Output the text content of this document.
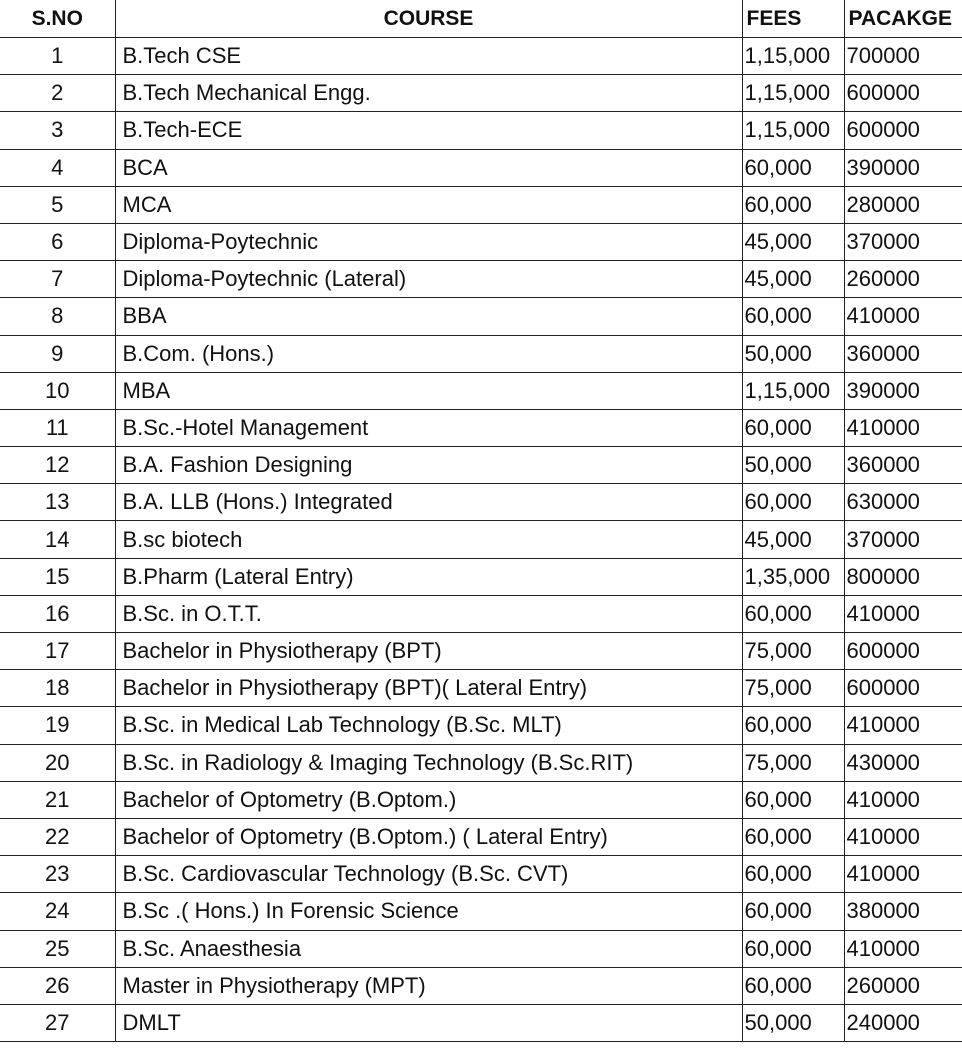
S.NO	COURSE	FEES	PACAKGE
1	B.Tech CSE	1,15,000	700000
2	B.Tech Mechanical Engg.	1,15,000	600000
3	B.Tech-ECE	1,15,000	600000
4	BCA	60,000	390000
5	MCA	60,000	280000
6	Diploma-Poytechnic	45,000	370000
7	Diploma-Poytechnic (Lateral)	45,000	260000
8	BBA	60,000	410000
9	B.Com. (Hons.)	50,000	360000
10	MBA	1,15,000	390000
11	B.Sc.-Hotel Management	60,000	410000
12	B.A. Fashion Designing	50,000	360000
13	B.A. LLB (Hons.) Integrated	60,000	630000
14	B.sc biotech	45,000	370000
15	B.Pharm (Lateral Entry)	1,35,000	800000
16	B.Sc. in O.T.T.	60,000	410000
17	Bachelor in Physiotherapy (BPT)	75,000	600000
18	Bachelor in Physiotherapy (BPT)( Lateral Entry)	75,000	600000
19	B.Sc. in Medical Lab Technology (B.Sc. MLT)	60,000	410000
20	B.Sc. in Radiology & Imaging Technology (B.Sc.RIT)	75,000	430000
21	Bachelor of Optometry (B.Optom.)	60,000	410000
22	Bachelor of Optometry (B.Optom.) ( Lateral Entry)	60,000	410000
23	B.Sc. Cardiovascular Technology (B.Sc. CVT)	60,000	410000
24	B.Sc .( Hons.) In Forensic Science	60,000	380000
25	B.Sc. Anaesthesia	60,000	410000
26	Master in Physiotherapy (MPT)	60,000	260000
27	DMLT	50,000	240000
